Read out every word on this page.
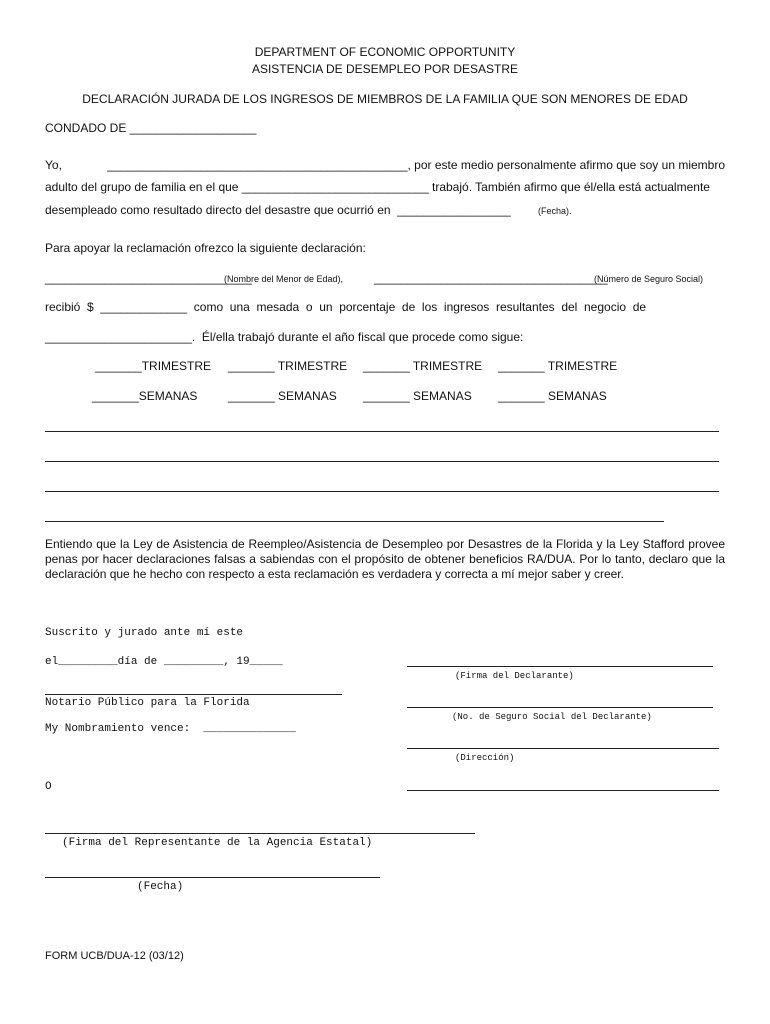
DEPARTMENT OF ECONOMIC OPPORTUNITY
ASISTENCIA DE DESEMPLEO POR DESASTRE
DECLARACIÓN JURADA DE LOS INGRESOS DE MIEMBROS DE LA FAMILIA QUE SON MENORES DE EDAD
CONDADO DE ___________________
Yo,	_____________________________________________, por este medio personalmente afirmo que soy un miembro
adulto del grupo de familia en el que ____________________________ trabajó. También afirmo que él/ella está actualmente
desempleado como resultado directo del desastre que ocurrió en  _________________	(Fecha).
Para apoyar la reclamación ofrezco la siguiente declaración:
_______________________________
(Nombre del Menor de Edad),	___________________________________
(Número de Seguro Social)
recibió  $  _____________  como  una  mesada  o  un  porcentaje  de  los  ingresos  resultantes  del  negocio  de
______________________.  Él/ella trabajó durante el año fiscal que procede como sigue:
_______TRIMESTRE _______ TRIMESTRE _______ TRIMESTRE _______ TRIMESTRE
_______SEMANAS	_______ SEMANAS _______ SEMANAS _______ SEMANAS
Entiendo que la Ley de Asistencia de Reempleo/Asistencia de Desempleo por Desastres de la Florida y la Ley Stafford provee penas por hacer declaraciones falsas a sabiendas con el propósito de obtener beneficios RA/DUA. Por lo tanto, declaro que la declaración que he hecho con respecto a esta reclamación es verdadera y correcta a mí mejor saber y creer.
Suscrito y jurado ante mí este
el_________día de _________, 19_____
Notario Público para la Florida
My Nombramiento vence:  ______________
O
(Firma del Representante de la Agencia Estatal)
(Fecha)
(Firma del Declarante)
(No. de Seguro Social del Declarante)
(Dirección)
FORM UCB/DUA-12 (03/12)
